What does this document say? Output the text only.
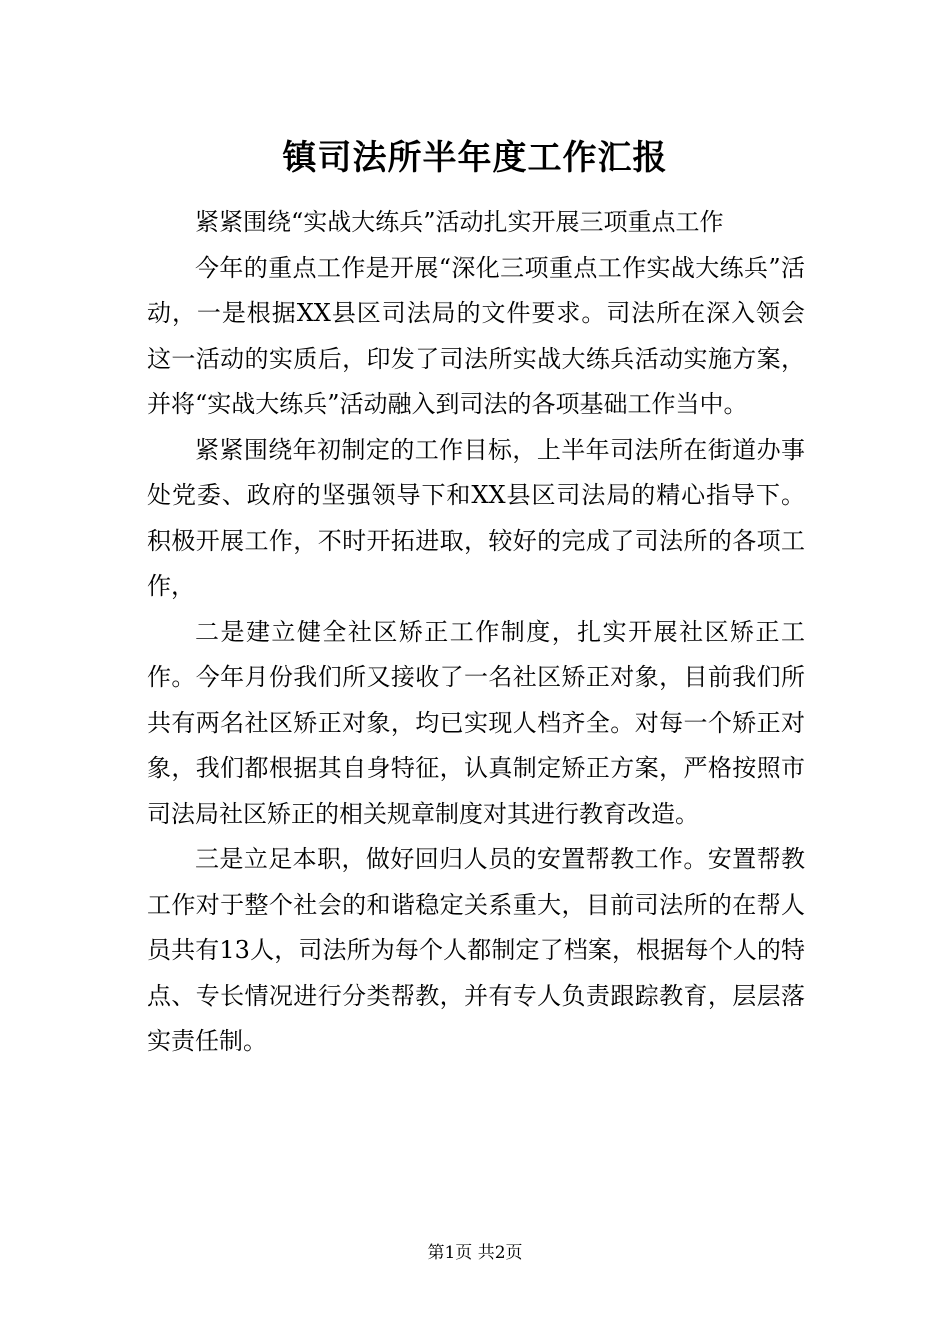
镇司法所半年度工作汇报

紧紧围绕“实战大练兵”活动扎实开展三项重点工作

今年的重点工作是开展“深化三项重点工作实战大练兵”活动，一是根据XX县区司法局的文件要求。司法所在深入领会这一活动的实质后，印发了司法所实战大练兵活动实施方案，并将“实战大练兵”活动融入到司法的各项基础工作当中。

紧紧围绕年初制定的工作目标，上半年司法所在街道办事处党委、政府的坚强领导下和XX县区司法局的精心指导下。积极开展工作，不时开拓进取，较好的完成了司法所的各项工作，

二是建立健全社区矫正工作制度，扎实开展社区矫正工作。今年月份我们所又接收了一名社区矫正对象，目前我们所共有两名社区矫正对象，均已实现人档齐全。对每一个矫正对象，我们都根据其自身特征，认真制定矫正方案，严格按照市司法局社区矫正的相关规章制度对其进行教育改造。

三是立足本职，做好回归人员的安置帮教工作。安置帮教工作对于整个社会的和谐稳定关系重大，目前司法所的在帮人员共有13人，司法所为每个人都制定了档案，根据每个人的特点、专长情况进行分类帮教，并有专人负责跟踪教育，层层落实责任制。

第1页 共2页
